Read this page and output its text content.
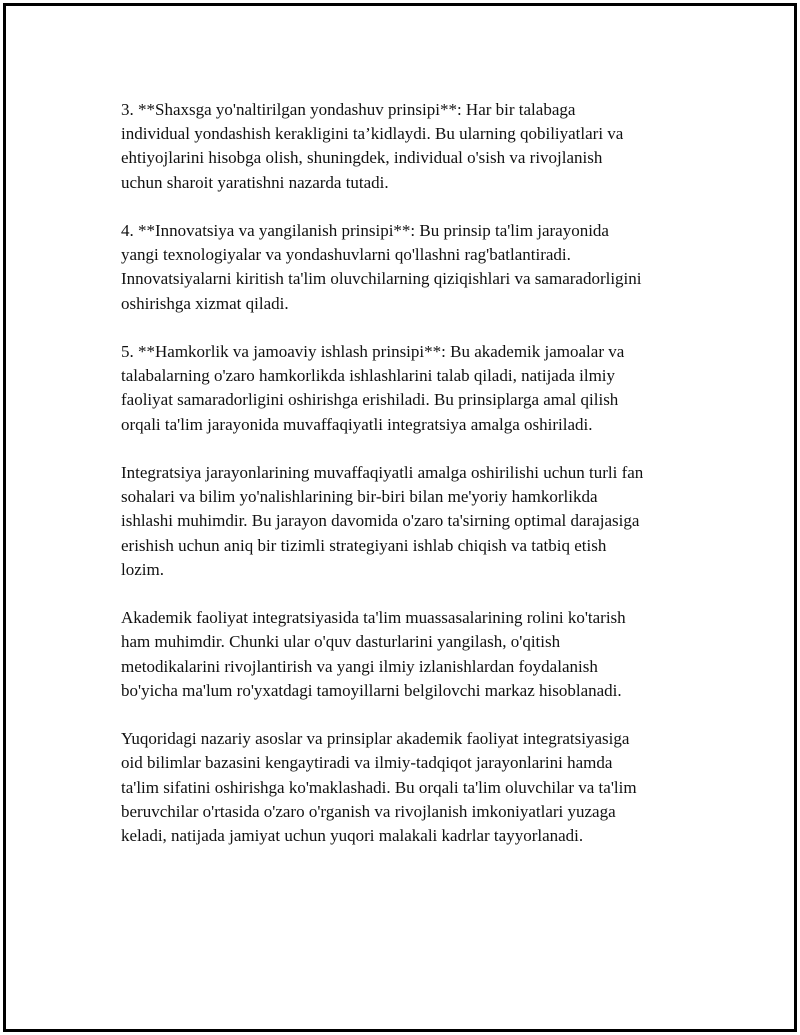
3. **Shaxsga yo'naltirilgan yondashuv prinsipi**: Har bir talabaga
individual yondashish kerakligini ta’kidlaydi. Bu ularning qobiliyatlari va
ehtiyojlarini hisobga olish, shuningdek, individual o'sish va rivojlanish
uchun sharoit yaratishni nazarda tutadi.

4. **Innovatsiya va yangilanish prinsipi**: Bu prinsip ta'lim jarayonida
yangi texnologiyalar va yondashuvlarni qo'llashni rag'batlantiradi.
Innovatsiyalarni kiritish ta'lim oluvchilarning qiziqishlari va samaradorligini
oshirishga xizmat qiladi.

5. **Hamkorlik va jamoaviy ishlash prinsipi**: Bu akademik jamoalar va
talabalarning o'zaro hamkorlikda ishlashlarini talab qiladi, natijada ilmiy
faoliyat samaradorligini oshirishga erishiladi. Bu prinsiplarga amal qilish
orqali ta'lim jarayonida muvaffaqiyatli integratsiya amalga oshiriladi.

Integratsiya jarayonlarining muvaffaqiyatli amalga oshirilishi uchun turli fan
sohalari va bilim yo'nalishlarining bir-biri bilan me'yoriy hamkorlikda
ishlashi muhimdir. Bu jarayon davomida o'zaro ta'sirning optimal darajasiga
erishish uchun aniq bir tizimli strategiyani ishlab chiqish va tatbiq etish
lozim.

Akademik faoliyat integratsiyasida ta'lim muassasalarining rolini ko'tarish
ham muhimdir. Chunki ular o'quv dasturlarini yangilash, o'qitish
metodikalarini rivojlantirish va yangi ilmiy izlanishlardan foydalanish
bo'yicha ma'lum ro'yxatdagi tamoyillarni belgilovchi markaz hisoblanadi.

Yuqoridagi nazariy asoslar va prinsiplar akademik faoliyat integratsiyasiga
oid bilimlar bazasini kengaytiradi va ilmiy-tadqiqot jarayonlarini hamda
ta'lim sifatini oshirishga ko'maklashadi. Bu orqali ta'lim oluvchilar va ta'lim
beruvchilar o'rtasida o'zaro o'rganish va rivojlanish imkoniyatlari yuzaga
keladi, natijada jamiyat uchun yuqori malakali kadrlar tayyorlanadi.
